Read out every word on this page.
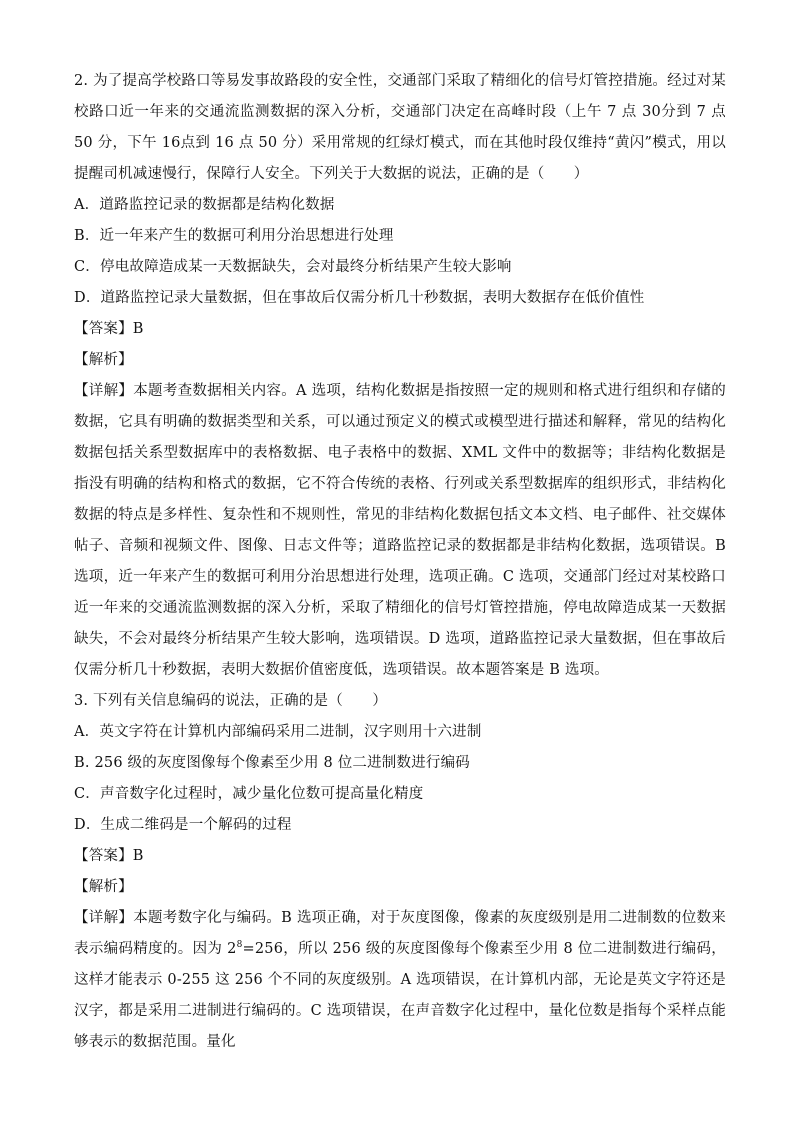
2. 为了提高学校路口等易发事故路段的安全性，交通部门采取了精细化的信号灯管控措施。经过对某校路口近一年来的交通流监测数据的深入分析，交通部门决定在高峰时段（上午 7 点 30分到 7 点 50 分，下午 16点到 16 点 50 分）采用常规的红绿灯模式，而在其他时段仅维持“黄闪”模式，用以提醒司机减速慢行，保障行人安全。下列关于大数据的说法，正确的是（　　）

A．道路监控记录的数据都是结构化数据

B．近一年来产生的数据可利用分治思想进行处理

C．停电故障造成某一天数据缺失，会对最终分析结果产生较大影响

D．道路监控记录大量数据，但在事故后仅需分析几十秒数据，表明大数据存在低价值性

【答案】B

【解析】

【详解】本题考查数据相关内容。A 选项，结构化数据是指按照一定的规则和格式进行组织和存储的数据，它具有明确的数据类型和关系，可以通过预定义的模式或模型进行描述和解释，常见的结构化数据包括关系型数据库中的表格数据、电子表格中的数据、XML 文件中的数据等；非结构化数据是指没有明确的结构和格式的数据，它不符合传统的表格、行列或关系型数据库的组织形式，非结构化数据的特点是多样性、复杂性和不规则性，常见的非结构化数据包括文本文档、电子邮件、社交媒体帖子、音频和视频文件、图像、日志文件等；道路监控记录的数据都是非结构化数据，选项错误。B 选项，近一年来产生的数据可利用分治思想进行处理，选项正确。C 选项，交通部门经过对某校路口近一年来的交通流监测数据的深入分析，采取了精细化的信号灯管控措施，停电故障造成某一天数据缺失，不会对最终分析结果产生较大影响，选项错误。D 选项，道路监控记录大量数据，但在事故后仅需分析几十秒数据，表明大数据价值密度低，选项错误。故本题答案是 B 选项。

3. 下列有关信息编码的说法，正确的是（　　）

A．英文字符在计算机内部编码采用二进制，汉字则用十六进制

B. 256 级的灰度图像每个像素至少用 8 位二进制数进行编码

C．声音数字化过程时，减少量化位数可提高量化精度

D．生成二维码是一个解码的过程

【答案】B

【解析】

【详解】本题考数字化与编码。B 选项正确，对于灰度图像，像素的灰度级别是用二进制数的位数来表示编码精度的。因为 $2^8=256$，所以 256 级的灰度图像每个像素至少用 8 位二进制数进行编码，这样才能表示 0-255 这 256 个不同的灰度级别。A 选项错误，在计算机内部，无论是英文字符还是汉字，都是采用二进制进行编码的。C 选项错误，在声音数字化过程中，量化位数是指每个采样点能够表示的数据范围。量化
